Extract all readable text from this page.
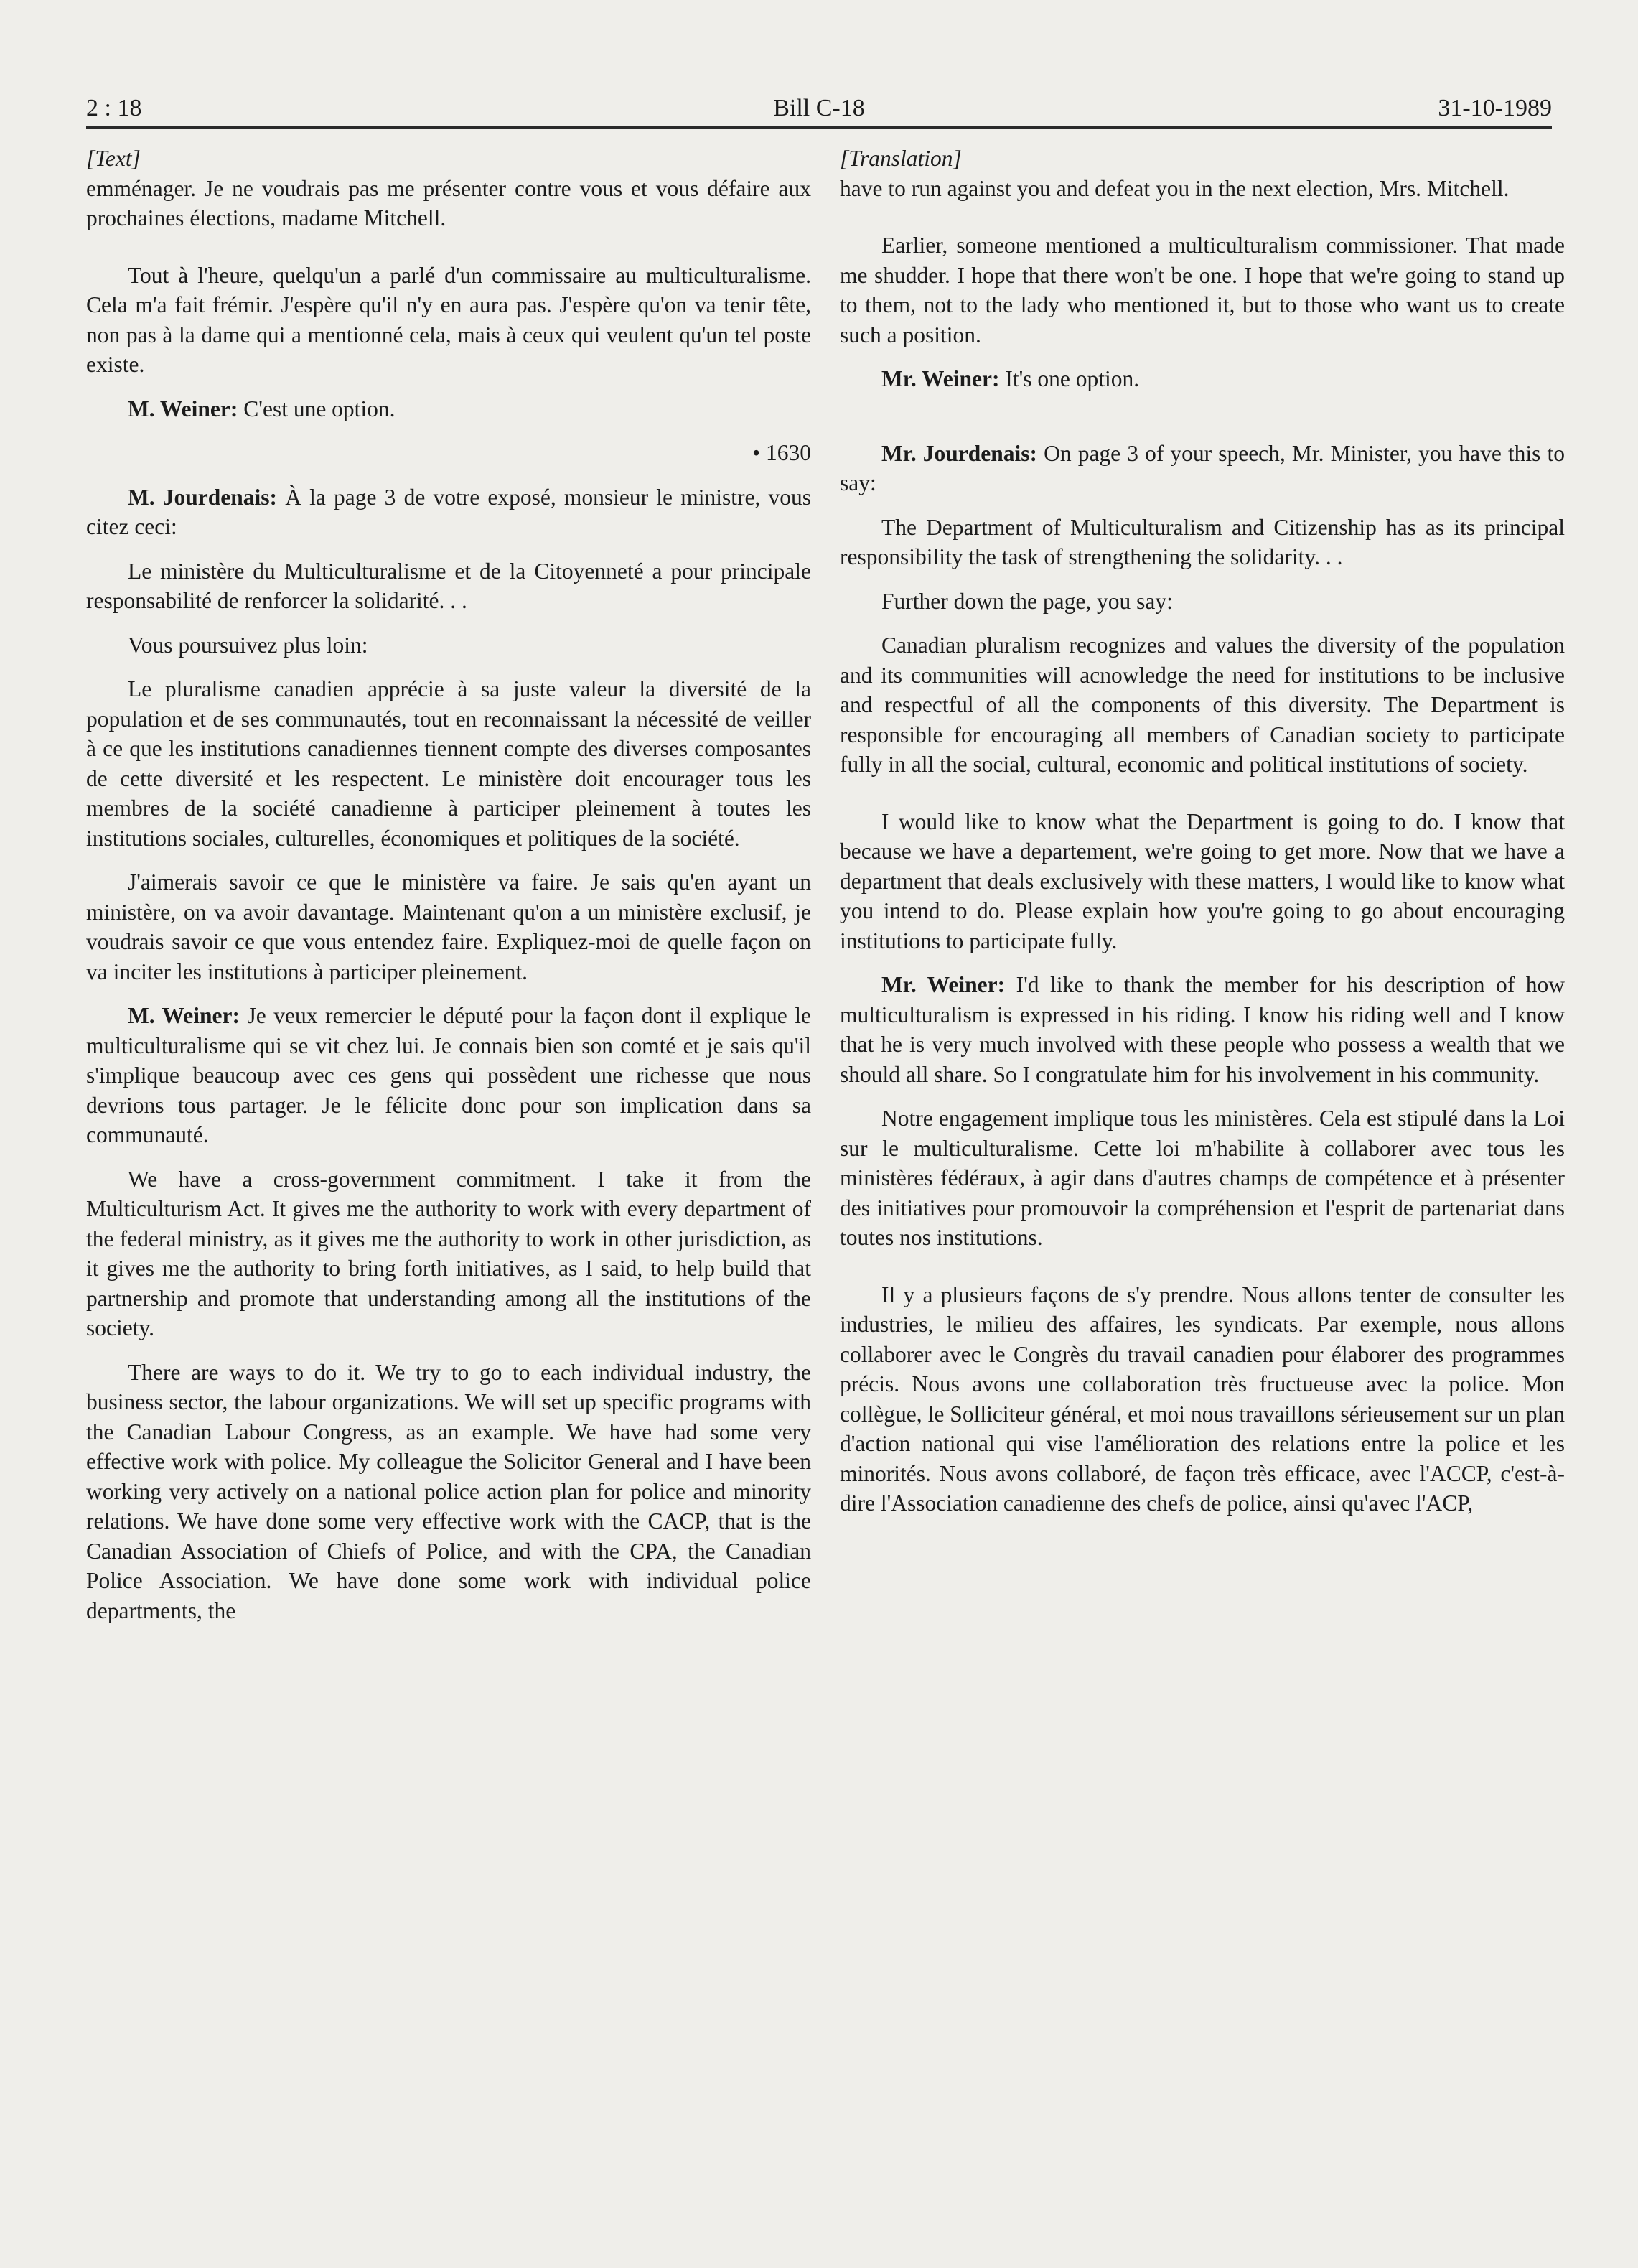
2 : 18	Bill C-18	31-10-1989

[Text]

emménager. Je ne voudrais pas me présenter contre vous et vous défaire aux prochaines élections, madame Mitchell.

Tout à l'heure, quelqu'un a parlé d'un commissaire au multiculturalisme. Cela m'a fait frémir. J'espère qu'il n'y en aura pas. J'espère qu'on va tenir tête, non pas à la dame qui a mentionné cela, mais à ceux qui veulent qu'un tel poste existe.

M. Weiner: C'est une option.

• 1630

M. Jourdenais: À la page 3 de votre exposé, monsieur le ministre, vous citez ceci:

Le ministère du Multiculturalisme et de la Citoyenneté a pour principale responsabilité de renforcer la solidarité. . .

Vous poursuivez plus loin:

Le pluralisme canadien apprécie à sa juste valeur la diversité de la population et de ses communautés, tout en reconnaissant la nécessité de veiller à ce que les institutions canadiennes tiennent compte des diverses composantes de cette diversité et les respectent. Le ministère doit encourager tous les membres de la société canadienne à participer pleinement à toutes les institutions sociales, culturelles, économiques et politiques de la société.

J'aimerais savoir ce que le ministère va faire. Je sais qu'en ayant un ministère, on va avoir davantage. Maintenant qu'on a un ministère exclusif, je voudrais savoir ce que vous entendez faire. Expliquez-moi de quelle façon on va inciter les institutions à participer pleinement.

M. Weiner: Je veux remercier le député pour la façon dont il explique le multiculturalisme qui se vit chez lui. Je connais bien son comté et je sais qu'il s'implique beaucoup avec ces gens qui possèdent une richesse que nous devrions tous partager. Je le félicite donc pour son implication dans sa communauté.

We have a cross-government commitment. I take it from the Multiculturism Act. It gives me the authority to work with every department of the federal ministry, as it gives me the authority to work in other jurisdiction, as it gives me the authority to bring forth initiatives, as I said, to help build that partnership and promote that understanding among all the institutions of the society.

There are ways to do it. We try to go to each individual industry, the business sector, the labour organizations. We will set up specific programs with the Canadian Labour Congress, as an example. We have had some very effective work with police. My colleague the Solicitor General and I have been working very actively on a national police action plan for police and minority relations. We have done some very effective work with the CACP, that is the Canadian Association of Chiefs of Police, and with the CPA, the Canadian Police Association. We have done some work with individual police departments, the

[Translation]

have to run against you and defeat you in the next election, Mrs. Mitchell.

Earlier, someone mentioned a multiculturalism commissioner. That made me shudder. I hope that there won't be one. I hope that we're going to stand up to them, not to the lady who mentioned it, but to those who want us to create such a position.

Mr. Weiner: It's one option.

Mr. Jourdenais: On page 3 of your speech, Mr. Minister, you have this to say:

The Department of Multiculturalism and Citizenship has as its principal responsibility the task of strengthening the solidarity. . .

Further down the page, you say:

Canadian pluralism recognizes and values the diversity of the population and its communities will acnowledge the need for institutions to be inclusive and respectful of all the components of this diversity. The Department is responsible for encouraging all members of Canadian society to participate fully in all the social, cultural, economic and political institutions of society.

I would like to know what the Department is going to do. I know that because we have a departement, we're going to get more. Now that we have a department that deals exclusively with these matters, I would like to know what you intend to do. Please explain how you're going to go about encouraging institutions to participate fully.

Mr. Weiner: I'd like to thank the member for his description of how multiculturalism is expressed in his riding. I know his riding well and I know that he is very much involved with these people who possess a wealth that we should all share. So I congratulate him for his involvement in his community.

Notre engagement implique tous les ministères. Cela est stipulé dans la Loi sur le multiculturalisme. Cette loi m'habilite à collaborer avec tous les ministères fédéraux, à agir dans d'autres champs de compétence et à présenter des initiatives pour promouvoir la compréhension et l'esprit de partenariat dans toutes nos institutions.

Il y a plusieurs façons de s'y prendre. Nous allons tenter de consulter les industries, le milieu des affaires, les syndicats. Par exemple, nous allons collaborer avec le Congrès du travail canadien pour élaborer des programmes précis. Nous avons une collaboration très fructueuse avec la police. Mon collègue, le Solliciteur général, et moi nous travaillons sérieusement sur un plan d'action national qui vise l'amélioration des relations entre la police et les minorités. Nous avons collaboré, de façon très efficace, avec l'ACCP, c'est-à-dire l'Association canadienne des chefs de police, ainsi qu'avec l'ACP,
